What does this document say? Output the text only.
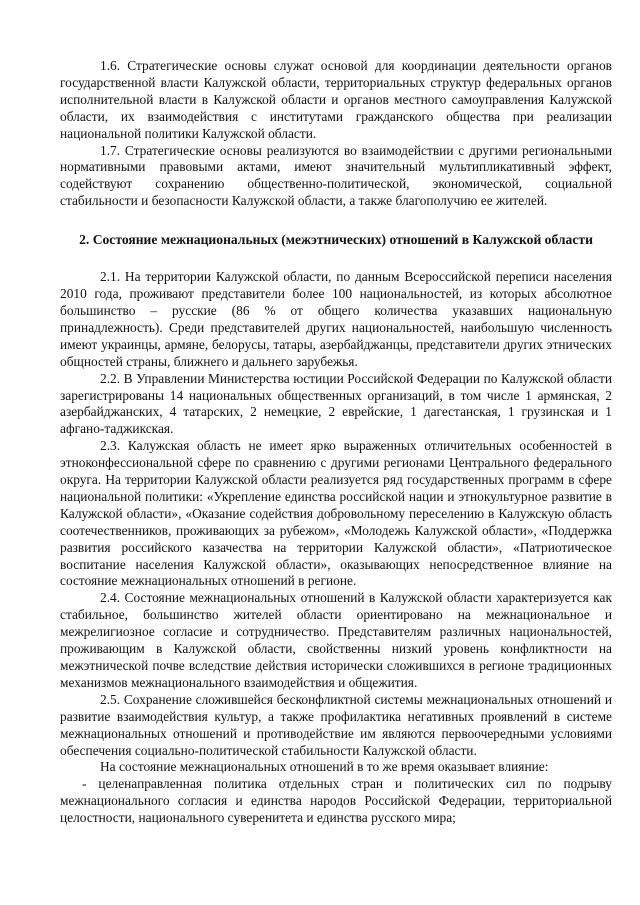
1.6. Стратегические основы служат основой для координации деятельности органов государственной власти Калужской области, территориальных структур федеральных органов исполнительной власти в Калужской области и органов местного самоуправления Калужской области, их взаимодействия с институтами гражданского общества при реализации национальной политики Калужской области.

1.7. Стратегические основы реализуются во взаимодействии с другими региональными нормативными правовыми актами, имеют значительный мультипликативный эффект, содействуют сохранению общественно-политической, экономической, социальной стабильности и безопасности Калужской области, а также благополучию ее жителей.

2. Состояние межнациональных (межэтнических) отношений в Калужской области

2.1. На территории Калужской области, по данным Всероссийской переписи населения 2010 года, проживают представители более 100 национальностей, из которых абсолютное большинство – русские (86 % от общего количества указавших национальную принадлежность). Среди представителей других национальностей, наибольшую численность имеют украинцы, армяне, белорусы, татары, азербайджанцы, представители других этнических общностей страны, ближнего и дальнего зарубежья.

2.2. В Управлении Министерства юстиции Российской Федерации по Калужской области зарегистрированы 14 национальных общественных организаций, в том числе 1 армянская, 2 азербайджанских, 4 татарских, 2 немецкие, 2 еврейские, 1 дагестанская, 1 грузинская и 1 афгано-таджикская.

2.3. Калужская область не имеет ярко выраженных отличительных особенностей в этноконфессиональной сфере по сравнению с другими регионами Центрального федерального округа. На территории Калужской области реализуется ряд государственных программ в сфере национальной политики: «Укрепление единства российской нации и этнокультурное развитие в Калужской области», «Оказание содействия добровольному переселению в Калужскую область соотечественников, проживающих за рубежом», «Молодежь Калужской области», «Поддержка развития российского казачества на территории Калужской области», «Патриотическое воспитание населения Калужской области», оказывающих непосредственное влияние на состояние межнациональных отношений в регионе.

2.4. Состояние межнациональных отношений в Калужской области характеризуется как стабильное, большинство жителей области ориентировано на межнациональное и межрелигиозное согласие и сотрудничество. Представителям различных национальностей, проживающим в Калужской области, свойственны низкий уровень конфликтности на межэтнической почве вследствие действия исторически сложившихся в регионе традиционных механизмов межнационального взаимодействия и общежития.

2.5. Сохранение сложившейся бесконфликтной системы межнациональных отношений и развитие взаимодействия культур, а также профилактика негативных проявлений в системе межнациональных отношений и противодействие им являются первоочередными условиями обеспечения социально-политической стабильности Калужской области.

На состояние межнациональных отношений в то же время оказывает влияние:

- целенаправленная политика отдельных стран и политических сил по подрыву межнационального согласия и единства народов Российской Федерации, территориальной целостности, национального суверенитета и единства русского мира;
